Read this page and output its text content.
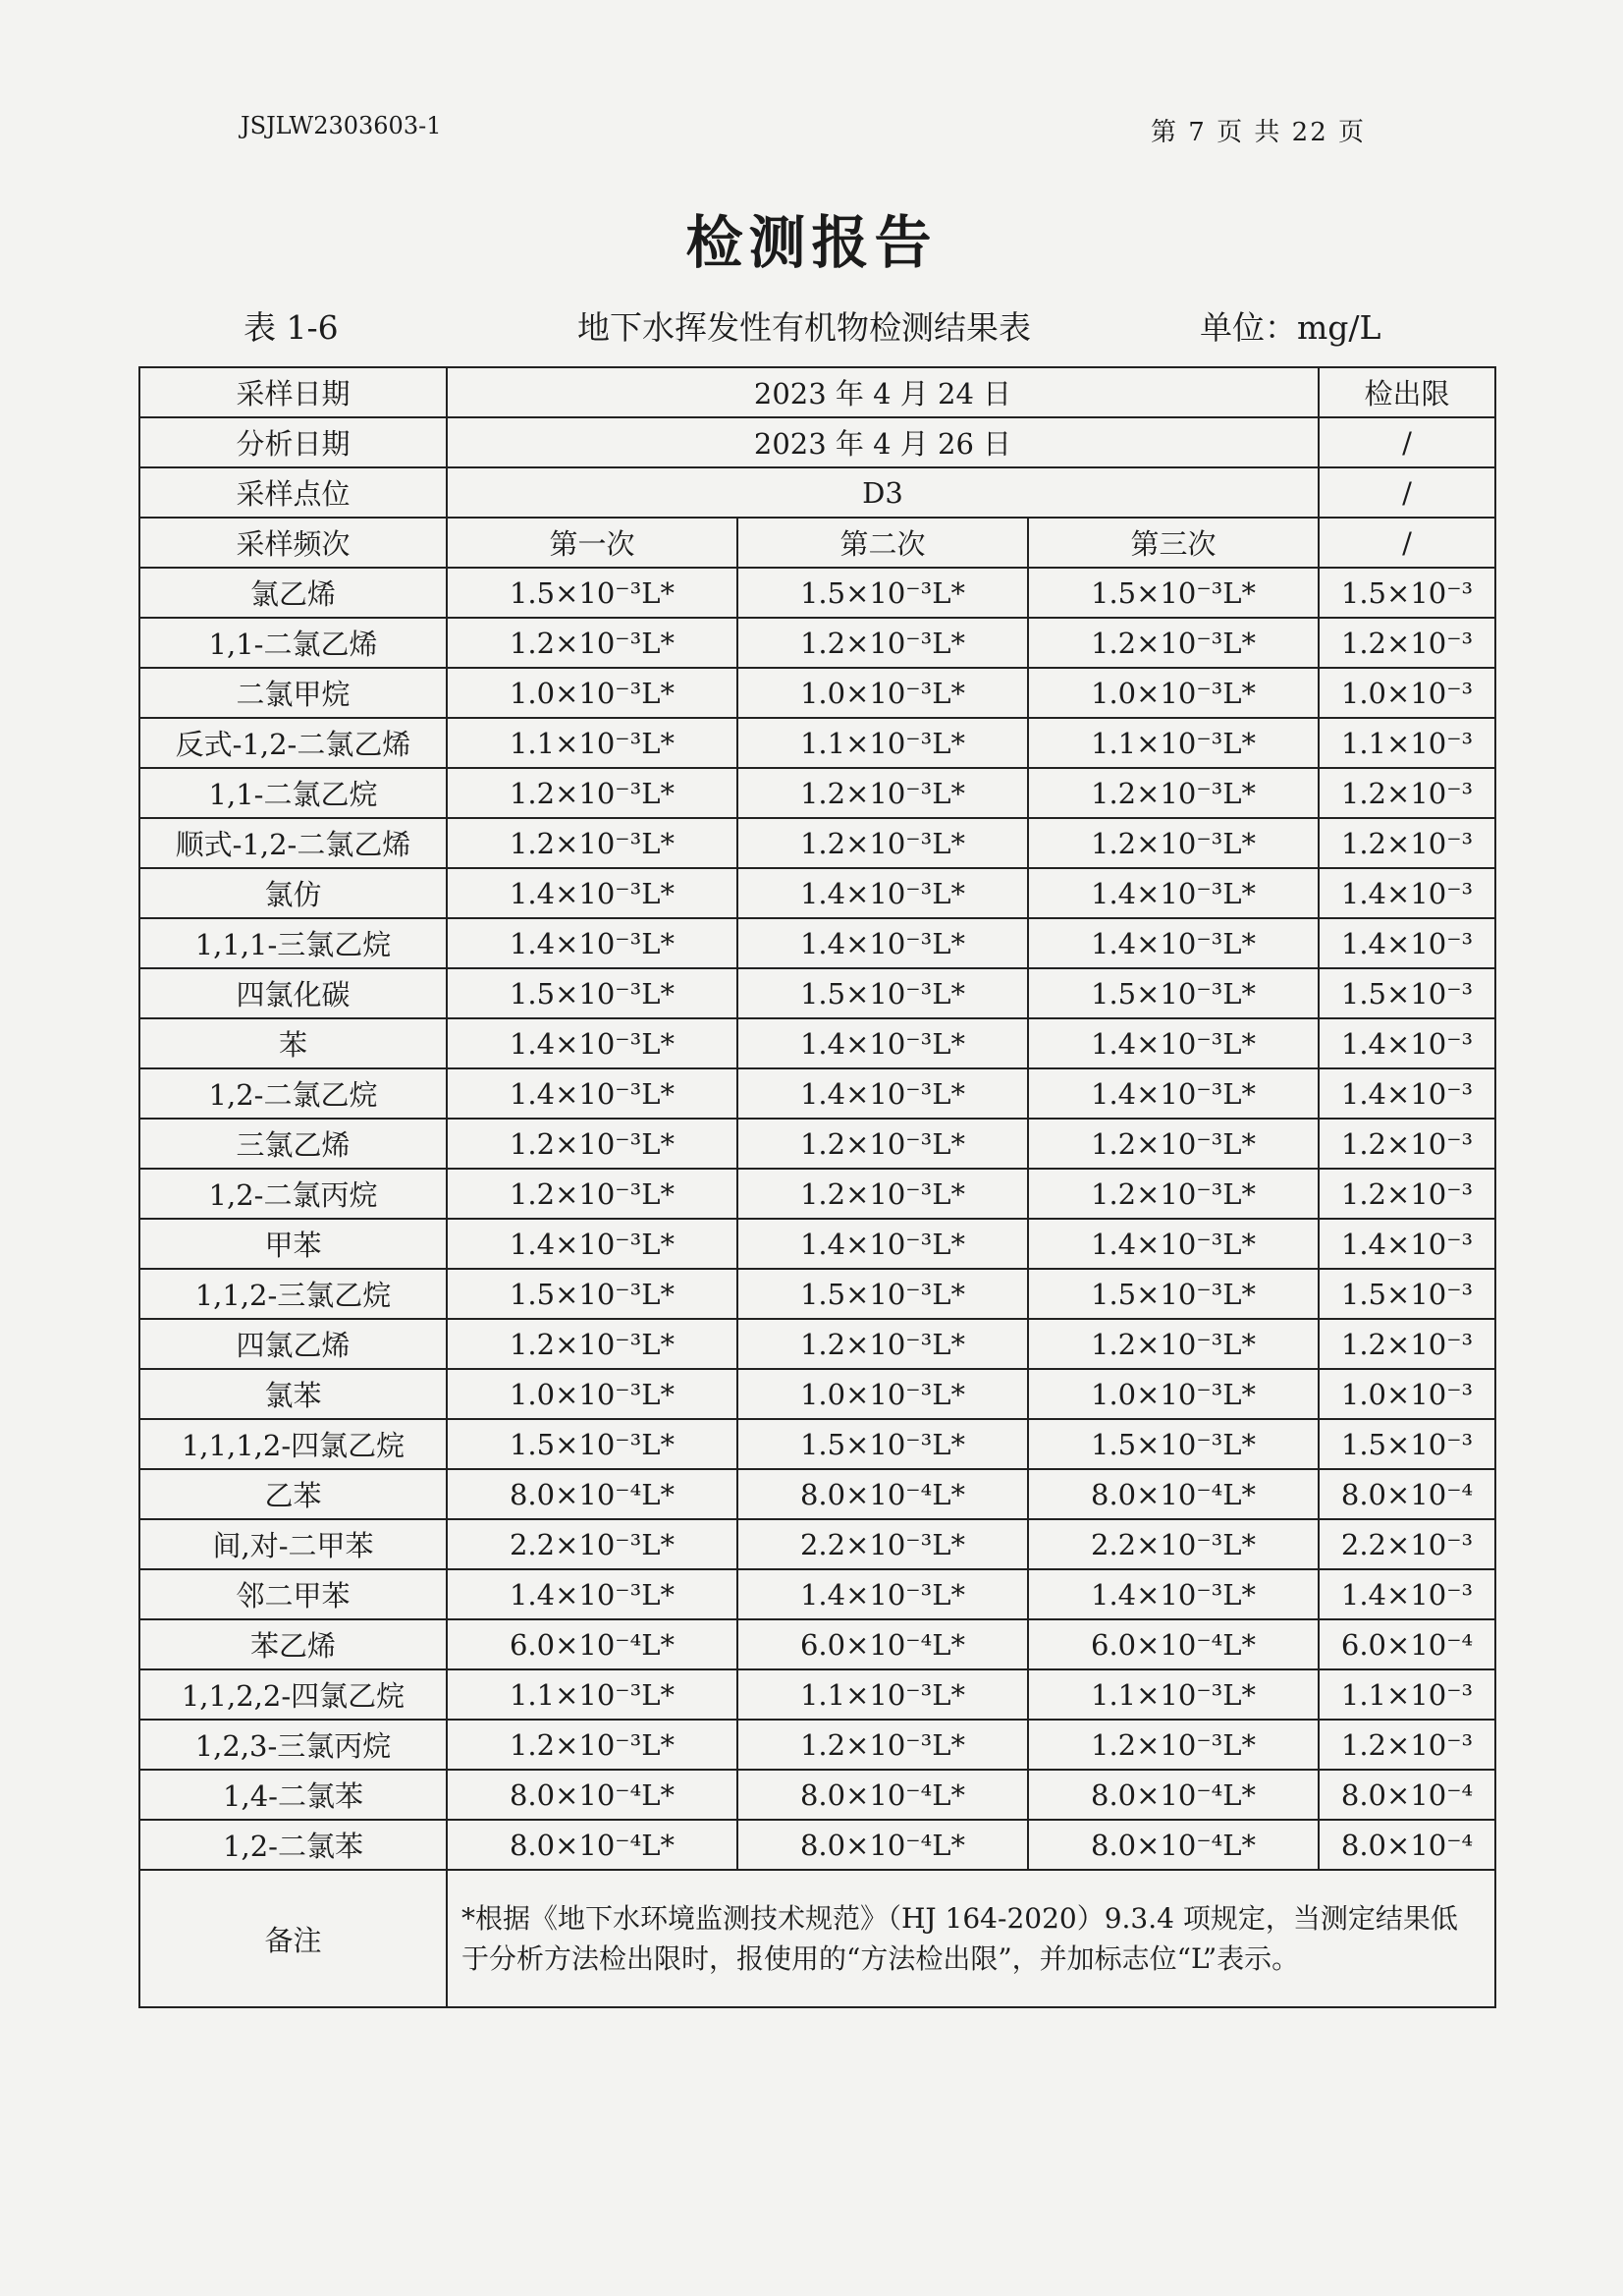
JSJLW2303603-1	第 7 页 共 22 页
检测报告
表 1-6	地下水挥发性有机物检测结果表	单位：mg/L
采样日期	2023 年 4 月 24 日			检出限
分析日期	2023 年 4 月 26 日			/
采样点位	D3			/
采样频次	第一次	第二次	第三次	/
氯乙烯	1.5×10⁻³L*	1.5×10⁻³L*	1.5×10⁻³L*	1.5×10⁻³
1,1-二氯乙烯	1.2×10⁻³L*	1.2×10⁻³L*	1.2×10⁻³L*	1.2×10⁻³
二氯甲烷	1.0×10⁻³L*	1.0×10⁻³L*	1.0×10⁻³L*	1.0×10⁻³
反式-1,2-二氯乙烯	1.1×10⁻³L*	1.1×10⁻³L*	1.1×10⁻³L*	1.1×10⁻³
1,1-二氯乙烷	1.2×10⁻³L*	1.2×10⁻³L*	1.2×10⁻³L*	1.2×10⁻³
顺式-1,2-二氯乙烯	1.2×10⁻³L*	1.2×10⁻³L*	1.2×10⁻³L*	1.2×10⁻³
氯仿	1.4×10⁻³L*	1.4×10⁻³L*	1.4×10⁻³L*	1.4×10⁻³
1,1,1-三氯乙烷	1.4×10⁻³L*	1.4×10⁻³L*	1.4×10⁻³L*	1.4×10⁻³
四氯化碳	1.5×10⁻³L*	1.5×10⁻³L*	1.5×10⁻³L*	1.5×10⁻³
苯	1.4×10⁻³L*	1.4×10⁻³L*	1.4×10⁻³L*	1.4×10⁻³
1,2-二氯乙烷	1.4×10⁻³L*	1.4×10⁻³L*	1.4×10⁻³L*	1.4×10⁻³
三氯乙烯	1.2×10⁻³L*	1.2×10⁻³L*	1.2×10⁻³L*	1.2×10⁻³
1,2-二氯丙烷	1.2×10⁻³L*	1.2×10⁻³L*	1.2×10⁻³L*	1.2×10⁻³
甲苯	1.4×10⁻³L*	1.4×10⁻³L*	1.4×10⁻³L*	1.4×10⁻³
1,1,2-三氯乙烷	1.5×10⁻³L*	1.5×10⁻³L*	1.5×10⁻³L*	1.5×10⁻³
四氯乙烯	1.2×10⁻³L*	1.2×10⁻³L*	1.2×10⁻³L*	1.2×10⁻³
氯苯	1.0×10⁻³L*	1.0×10⁻³L*	1.0×10⁻³L*	1.0×10⁻³
1,1,1,2-四氯乙烷	1.5×10⁻³L*	1.5×10⁻³L*	1.5×10⁻³L*	1.5×10⁻³
乙苯	8.0×10⁻⁴L*	8.0×10⁻⁴L*	8.0×10⁻⁴L*	8.0×10⁻⁴
间,对-二甲苯	2.2×10⁻³L*	2.2×10⁻³L*	2.2×10⁻³L*	2.2×10⁻³
邻二甲苯	1.4×10⁻³L*	1.4×10⁻³L*	1.4×10⁻³L*	1.4×10⁻³
苯乙烯	6.0×10⁻⁴L*	6.0×10⁻⁴L*	6.0×10⁻⁴L*	6.0×10⁻⁴
1,1,2,2-四氯乙烷	1.1×10⁻³L*	1.1×10⁻³L*	1.1×10⁻³L*	1.1×10⁻³
1,2,3-三氯丙烷	1.2×10⁻³L*	1.2×10⁻³L*	1.2×10⁻³L*	1.2×10⁻³
1,4-二氯苯	8.0×10⁻⁴L*	8.0×10⁻⁴L*	8.0×10⁻⁴L*	8.0×10⁻⁴
1,2-二氯苯	8.0×10⁻⁴L*	8.0×10⁻⁴L*	8.0×10⁻⁴L*	8.0×10⁻⁴
备注	*根据《地下水环境监测技术规范》（HJ 164-2020）9.3.4 项规定，当测定结果低于分析方法检出限时，报使用的“方法检出限”，并加标志位“L”表示。			
